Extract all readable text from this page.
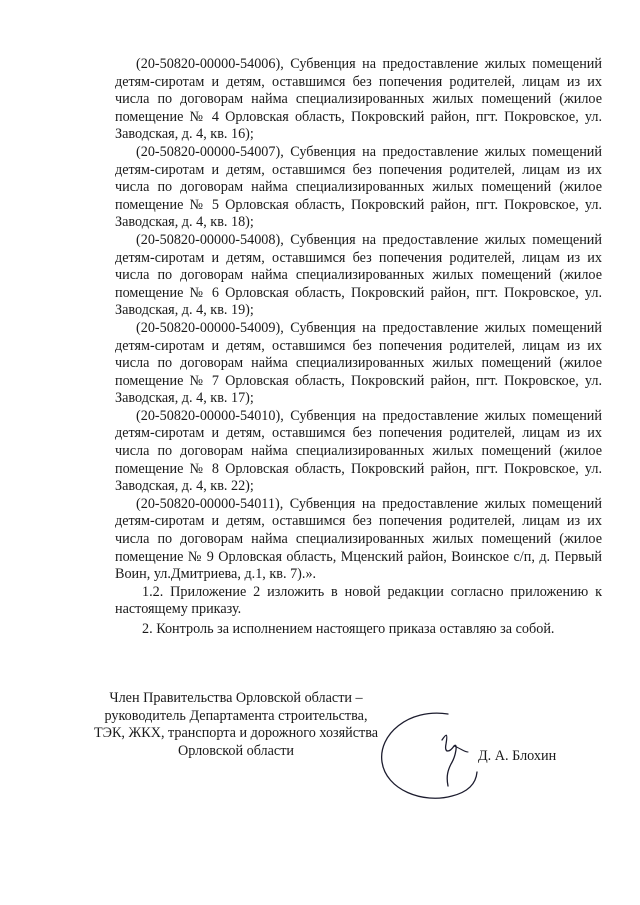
(20-50820-00000-54006), Субвенция на предоставление жилых помещений детям-сиротам и детям, оставшимся без попечения родителей, лицам из их числа по договорам найма специализированных жилых помещений (жилое помещение № 4 Орловская область, Покровский район, пгт. Покровское, ул. Заводская, д. 4, кв. 16);

(20-50820-00000-54007), Субвенция на предоставление жилых помещений детям-сиротам и детям, оставшимся без попечения родителей, лицам из их числа по договорам найма специализированных жилых помещений (жилое помещение № 5 Орловская область, Покровский район, пгт. Покровское, ул. Заводская, д. 4, кв. 18);

(20-50820-00000-54008), Субвенция на предоставление жилых помещений детям-сиротам и детям, оставшимся без попечения родителей, лицам из их числа по договорам найма специализированных жилых помещений (жилое помещение № 6 Орловская область, Покровский район, пгт. Покровское, ул. Заводская, д. 4, кв. 19);

(20-50820-00000-54009), Субвенция на предоставление жилых помещений детям-сиротам и детям, оставшимся без попечения родителей, лицам из их числа по договорам найма специализированных жилых помещений (жилое помещение № 7 Орловская область, Покровский район, пгт. Покровское, ул. Заводская, д. 4, кв. 17);

(20-50820-00000-54010), Субвенция на предоставление жилых помещений детям-сиротам и детям, оставшимся без попечения родителей, лицам из их числа по договорам найма специализированных жилых помещений (жилое помещение № 8 Орловская область, Покровский район, пгт. Покровское, ул. Заводская, д. 4, кв. 22);

(20-50820-00000-54011), Субвенция на предоставление жилых помещений детям-сиротам и детям, оставшимся без попечения родителей, лицам из их числа по договорам найма специализированных жилых помещений (жилое помещение № 9 Орловская область, Мценский район, Воинское с/п, д. Первый Воин, ул.Дмитриева, д.1, кв. 7).».

1.2. Приложение 2 изложить в новой редакции согласно приложению к настоящему приказу.

2. Контроль за исполнением настоящего приказа оставляю за собой.

Член Правительства Орловской области –
руководитель Департамента строительства,
ТЭК, ЖКХ, транспорта и дорожного хозяйства
Орловской области	Д. А. Блохин
